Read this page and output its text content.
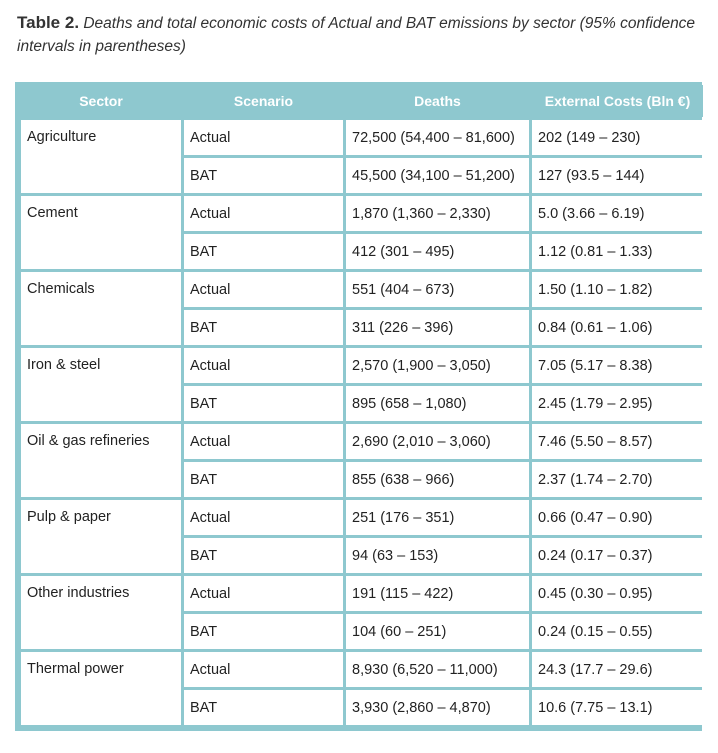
Table 2. Deaths and total economic costs of Actual and BAT emissions by sector (95% confidence intervals in parentheses)
Sector	Scenario	Deaths	External Costs (Bln €)
Agriculture	Actual	72,500 (54,400 – 81,600)	202 (149 – 230)
	BAT	45,500 (34,100 – 51,200)	127 (93.5 – 144)
Cement	Actual	1,870 (1,360 – 2,330)	5.0 (3.66 – 6.19)
	BAT	412 (301 – 495)	1.12 (0.81 – 1.33)
Chemicals	Actual	551 (404 – 673)	1.50 (1.10 – 1.82)
	BAT	311 (226 – 396)	0.84 (0.61 – 1.06)
Iron & steel	Actual	2,570 (1,900 – 3,050)	7.05 (5.17 – 8.38)
	BAT	895 (658 – 1,080)	2.45 (1.79 – 2.95)
Oil & gas refineries	Actual	2,690 (2,010 – 3,060)	7.46 (5.50 – 8.57)
	BAT	855 (638 – 966)	2.37 (1.74 – 2.70)
Pulp & paper	Actual	251 (176 – 351)	0.66 (0.47 – 0.90)
	BAT	94 (63 – 153)	0.24 (0.17 – 0.37)
Other industries	Actual	191 (115 – 422)	0.45 (0.30 – 0.95)
	BAT	104 (60 – 251)	0.24 (0.15 – 0.55)
Thermal power	Actual	8,930 (6,520 – 11,000)	24.3 (17.7 – 29.6)
	BAT	3,930 (2,860 – 4,870)	10.6 (7.75 – 13.1)
